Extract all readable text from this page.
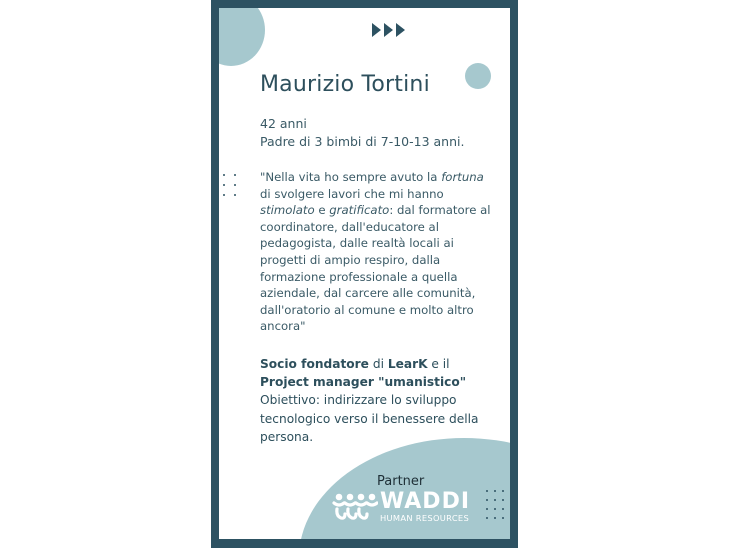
Maurizio Tortini
42 anni
Padre di 3 bimbi di 7-10-13 anni.
"Nella vita ho sempre avuto la fortuna di svolgere lavori che mi hanno stimolato e gratificato: dal formatore al coordinatore, dall'educatore al pedagogista, dalle realtà locali ai progetti di ampio respiro, dalla formazione professionale a quella aziendale, dal carcere alle comunità, dall'oratorio al comune e molto altro ancora"
Socio fondatore di LearK e il Project manager "umanistico"
Obiettivo: indirizzare lo sviluppo tecnologico verso il benessere della persona.
Partner
WADDI
HUMAN RESOURCES
